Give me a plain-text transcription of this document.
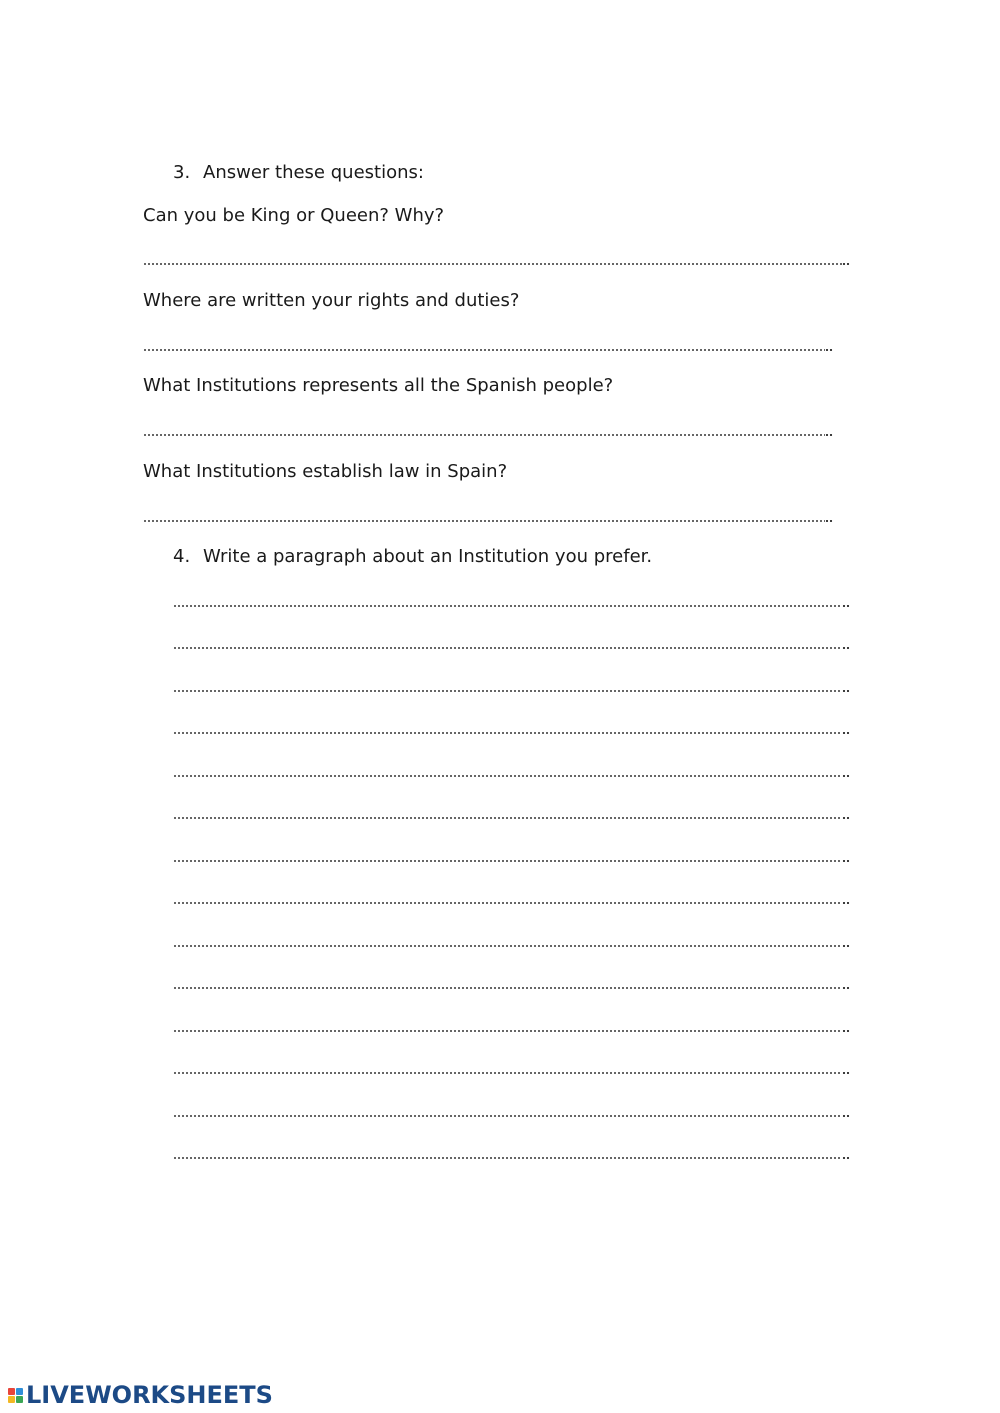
3. Answer these questions:
Can you be King or Queen? Why?
Where are written your rights and duties?
What Institutions represents all the Spanish people?
What Institutions establish law in Spain?
4. Write a paragraph about an Institution you prefer.
LIVEWORKSHEETS
